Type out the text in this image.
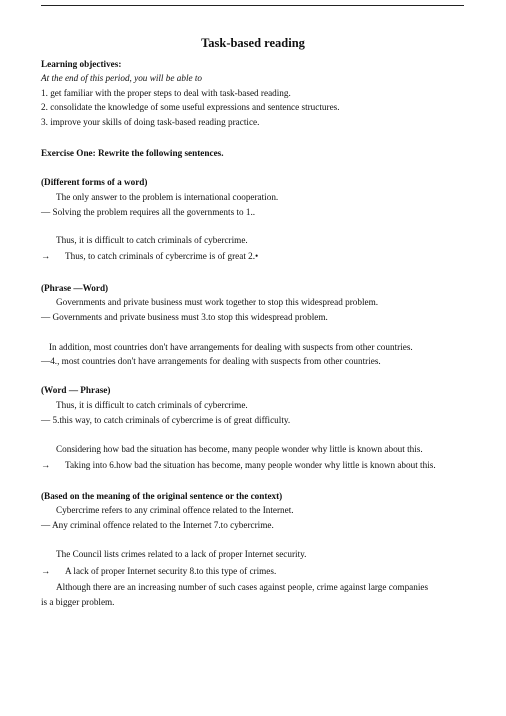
Task-based reading
Learning objectives:
At the end of this period, you will be able to
1. get familiar with the proper steps to deal with task-based reading.
2. consolidate the knowledge of some useful expressions and sentence structures.
3. improve your skills of doing task-based reading practice.
Exercise One: Rewrite the following sentences.
(Different forms of a word)
The only answer to the problem is international cooperation.
— Solving the problem requires all the governments to 1..
Thus, it is difficult to catch criminals of cybercrime.
→ Thus, to catch criminals of cybercrime is of great 2.•
(Phrase —Word)
Governments and private business must work together to stop this widespread problem.
— Governments and private business must 3.to stop this widespread problem.
In addition, most countries don't have arrangements for dealing with suspects from other countries.
—4., most countries don't have arrangements for dealing with suspects from other countries.
(Word — Phrase)
Thus, it is difficult to catch criminals of cybercrime.
— 5.this way, to catch criminals of cybercrime is of great difficulty.
Considering how bad the situation has become, many people wonder why little is known about this.
→ Taking into 6.how bad the situation has become, many people wonder why little is known about this.
(Based on the meaning of the original sentence or the context)
Cybercrime refers to any criminal offence related to the Internet.
— Any criminal offence related to the Internet 7.to cybercrime.
The Council lists crimes related to a lack of proper Internet security.
→ A lack of proper Internet security 8.to this type of crimes.
Although there are an increasing number of such cases against people, crime against large companies
is a bigger problem.
